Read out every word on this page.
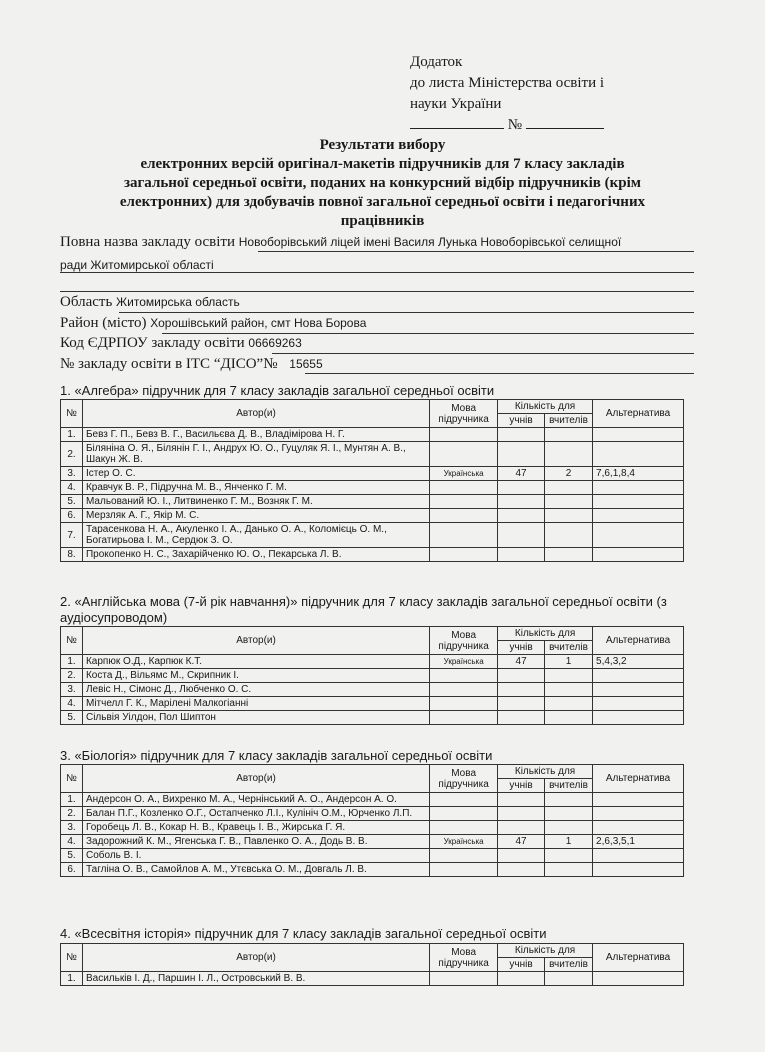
Додаток
до листа Міністерства освіти і
науки України
№
Результати вибору
електронних версій оригінал-макетів підручників для 7 класу закладів
загальної середньої освіти, поданих на конкурсний відбір підручників (крім
електронних) для здобувачів повної загальної середньої освіти і педагогічних
працівників
Повна назва закладу освіти Новоборівський ліцей імені Василя Лунька Новоборівської селищної
ради Житомирської області
Область Житомирська область
Район (місто) Хорошівський район, смт Нова Борова
Код ЄДРПОУ закладу освіти 06669263
№ закладу освіти в ІТС “ДІСО”№ 15655
1. «Алгебра» підручник для 7 класу закладів загальної середньої освіти
№	Автор(и)	Мова підручника	Кількість для		Альтернатива
			учнів	вчителів	
1.	Бевз Г. П., Бевз В. Г., Васильєва Д. В., Владімірова Н. Г.				
2.	Білянiна О. Я., Білянін Г. І., Андрух Ю. О., Гуцуляк Я. І., Мунтян А. В., Шакун Ж. В.				
3.	Істер О. С.	Українська	47	2	7,6,1,8,4
4.	Кравчук В. Р., Підручна М. В., Янченко Г. М.				
5.	Мальований Ю. І., Литвиненко Г. М., Возняк Г. М.				
6.	Мерзляк А. Г., Якір М. С.				
7.	Тарасенкова Н. А., Акуленко І. А., Данько О. А., Коломієць О. М., Богатирьова І. М., Сердюк З. О.				
8.	Прокопенко Н. С., Захарійченко Ю. О., Пекарська Л. В.				
2. «Англійська мова (7-й рік навчання)» підручник для 7 класу закладів загальної середньої освіти (з аудіосупроводом)
№	Автор(и)	Мова підручника	Кількість для		Альтернатива
			учнів	вчителів	
1.	Карпюк О.Д., Карпюк К.Т.	Українська	47	1	5,4,3,2
2.	Коста Д., Вільямс М., Скрипник І.				
3.	Левіс Н., Сімонс Д., Любченко О. С.				
4.	Мітчелл Г. К., Марілені Малкогіанні				
5.	Сільвія Уілдон, Пол Шиптон				
3. «Біологія» підручник для 7 класу закладів загальної середньої освіти
№	Автор(и)	Мова підручника	Кількість для		Альтернатива
			учнів	вчителів	
1.	Андерсон О. А., Вихренко М. А., Чернінський А. О., Андерсон А. О.				
2.	Балан П.Г., Козленко О.Г., Остапченко Л.І., Кулініч О.М., Юрченко Л.П.				
3.	Горобець Л. В., Кокар Н. В., Кравець І. В., Жирська Г. Я.				
4.	Задорожний К. М., Ягенська Г. В., Павленко О. А., Додь В. В.	Українська	47	1	2,6,3,5,1
5.	Соболь В. І.				
6.	Тагліна О. В., Самойлов А. М., Утєвська О. М., Довгаль Л. В.				
4. «Всесвітня історія» підручник для 7 класу закладів загальної середньої освіти
№	Автор(и)	Мова підручника	Кількість для		Альтернатива
			учнів	вчителів	
1.	Васильків І. Д., Паршин І. Л., Островський В. В.				
